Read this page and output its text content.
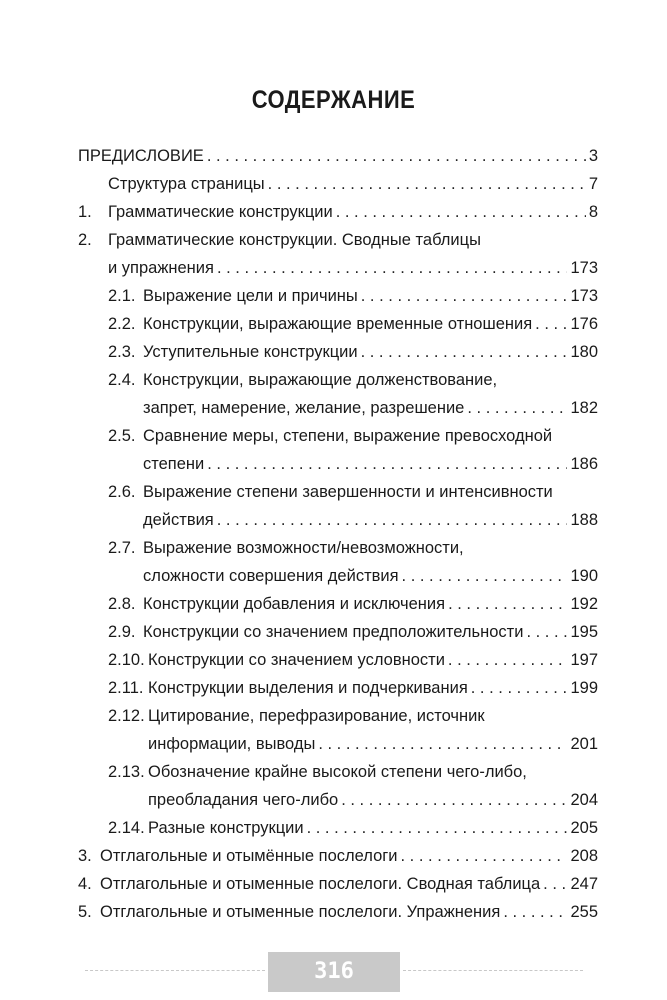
СОДЕРЖАНИЕ
ПРЕДИСЛОВИЕ . . .	3
Структура страницы . . .	7
1. Грамматические конструкции . . .	8
2. Грамматические конструкции. Сводные таблицы
и упражнения . . .	173
2.1. Выражение цели и причины . . .	173
2.2. Конструкции, выражающие временные отношения . . . 176
2.3. Уступительные конструкции . . .	180
2.4. Конструкции, выражающие долженствование,
запрет, намерение, желание, разрешение . . .	182
2.5. Сравнение меры, степени, выражение превосходной
степени . . .	186
2.6. Выражение степени завершенности и интенсивности
действия . . .	188
2.7. Выражение возможности/невозможности,
сложности совершения действия . . .	190
2.8. Конструкции добавления и исключения . . .	192
2.9. Конструкции со значением предположительности . . .	195
2.10. Конструкции со значением условности . . .	197
2.11. Конструкции выделения и подчеркивания . . .	199
2.12. Цитирование, перефразирование, источник
информации, выводы . . .	201
2.13. Обозначение крайне высокой степени чего-либо,
преобладания чего-либо . . .	204
2.14. Разные конструкции . . .	205
3. Отглагольные и отымённые послелоги . . .	208
4. Отглагольные и отыменные послелоги. Сводная таблица . . . 247
5. Отглагольные и отыменные послелоги. Упражнения . . .	255
316
